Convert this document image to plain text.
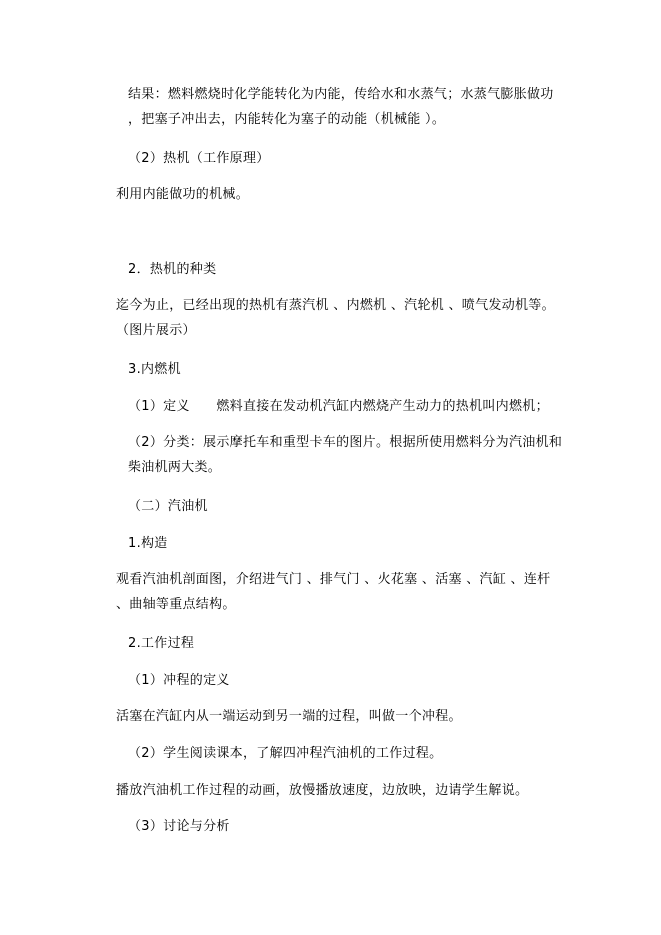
结果：燃料燃烧时化学能转化为内能，传给水和水蒸气；水蒸气膨胀做功 ，把塞子冲出去，内能转化为塞子的动能（机械能 ）。

（2）热机（工作原理）

利用内能做功的机械。

2．热机的种类

迄今为止，已经出现的热机有蒸汽机 、内燃机 、汽轮机 、喷气发动机等。（图片展示）

3.内燃机

（1）定义　　燃料直接在发动机汽缸内燃烧产生动力的热机叫内燃机；

（2）分类：展示摩托车和重型卡车的图片。根据所使用燃料分为汽油机和柴油机两大类。

（二）汽油机

1.构造

观看汽油机剖面图，介绍进气门 、排气门 、火花塞 、活塞 、汽缸 、连杆 、曲轴等重点结构。

2.工作过程

（1）冲程的定义

活塞在汽缸内从一端运动到另一端的过程，叫做一个冲程。

（2）学生阅读课本，了解四冲程汽油机的工作过程。

播放汽油机工作过程的动画，放慢播放速度，边放映，边请学生解说。

（3）讨论与分析
